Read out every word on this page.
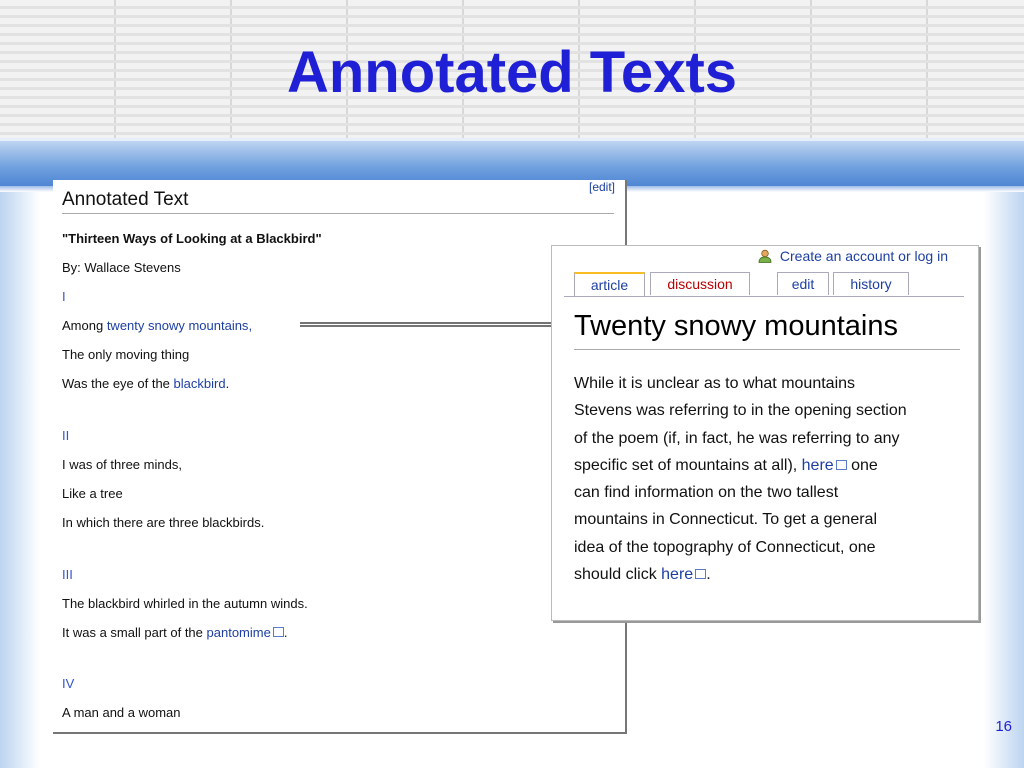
Annotated Texts
[edit]
Annotated Text
"Thirteen Ways of Looking at a Blackbird"
By: Wallace Stevens
I
Among twenty snowy mountains,
The only moving thing
Was the eye of the blackbird.
II
I was of three minds,
Like a tree
In which there are three blackbirds.
III
The blackbird whirled in the autumn winds.
It was a small part of the pantomime .
IV
A man and a woman
Create an account or log in
article	discussion	edit	history
Twenty snowy mountains

While it is unclear as to what mountains

Stevens was referring to in the opening section

of the poem (if, in fact, he was referring to any

specific set of mountains at all), here one

can find information on the two tallest

mountains in Connecticut. To get a general

idea of the topography of Connecticut, one

should click here .

16
